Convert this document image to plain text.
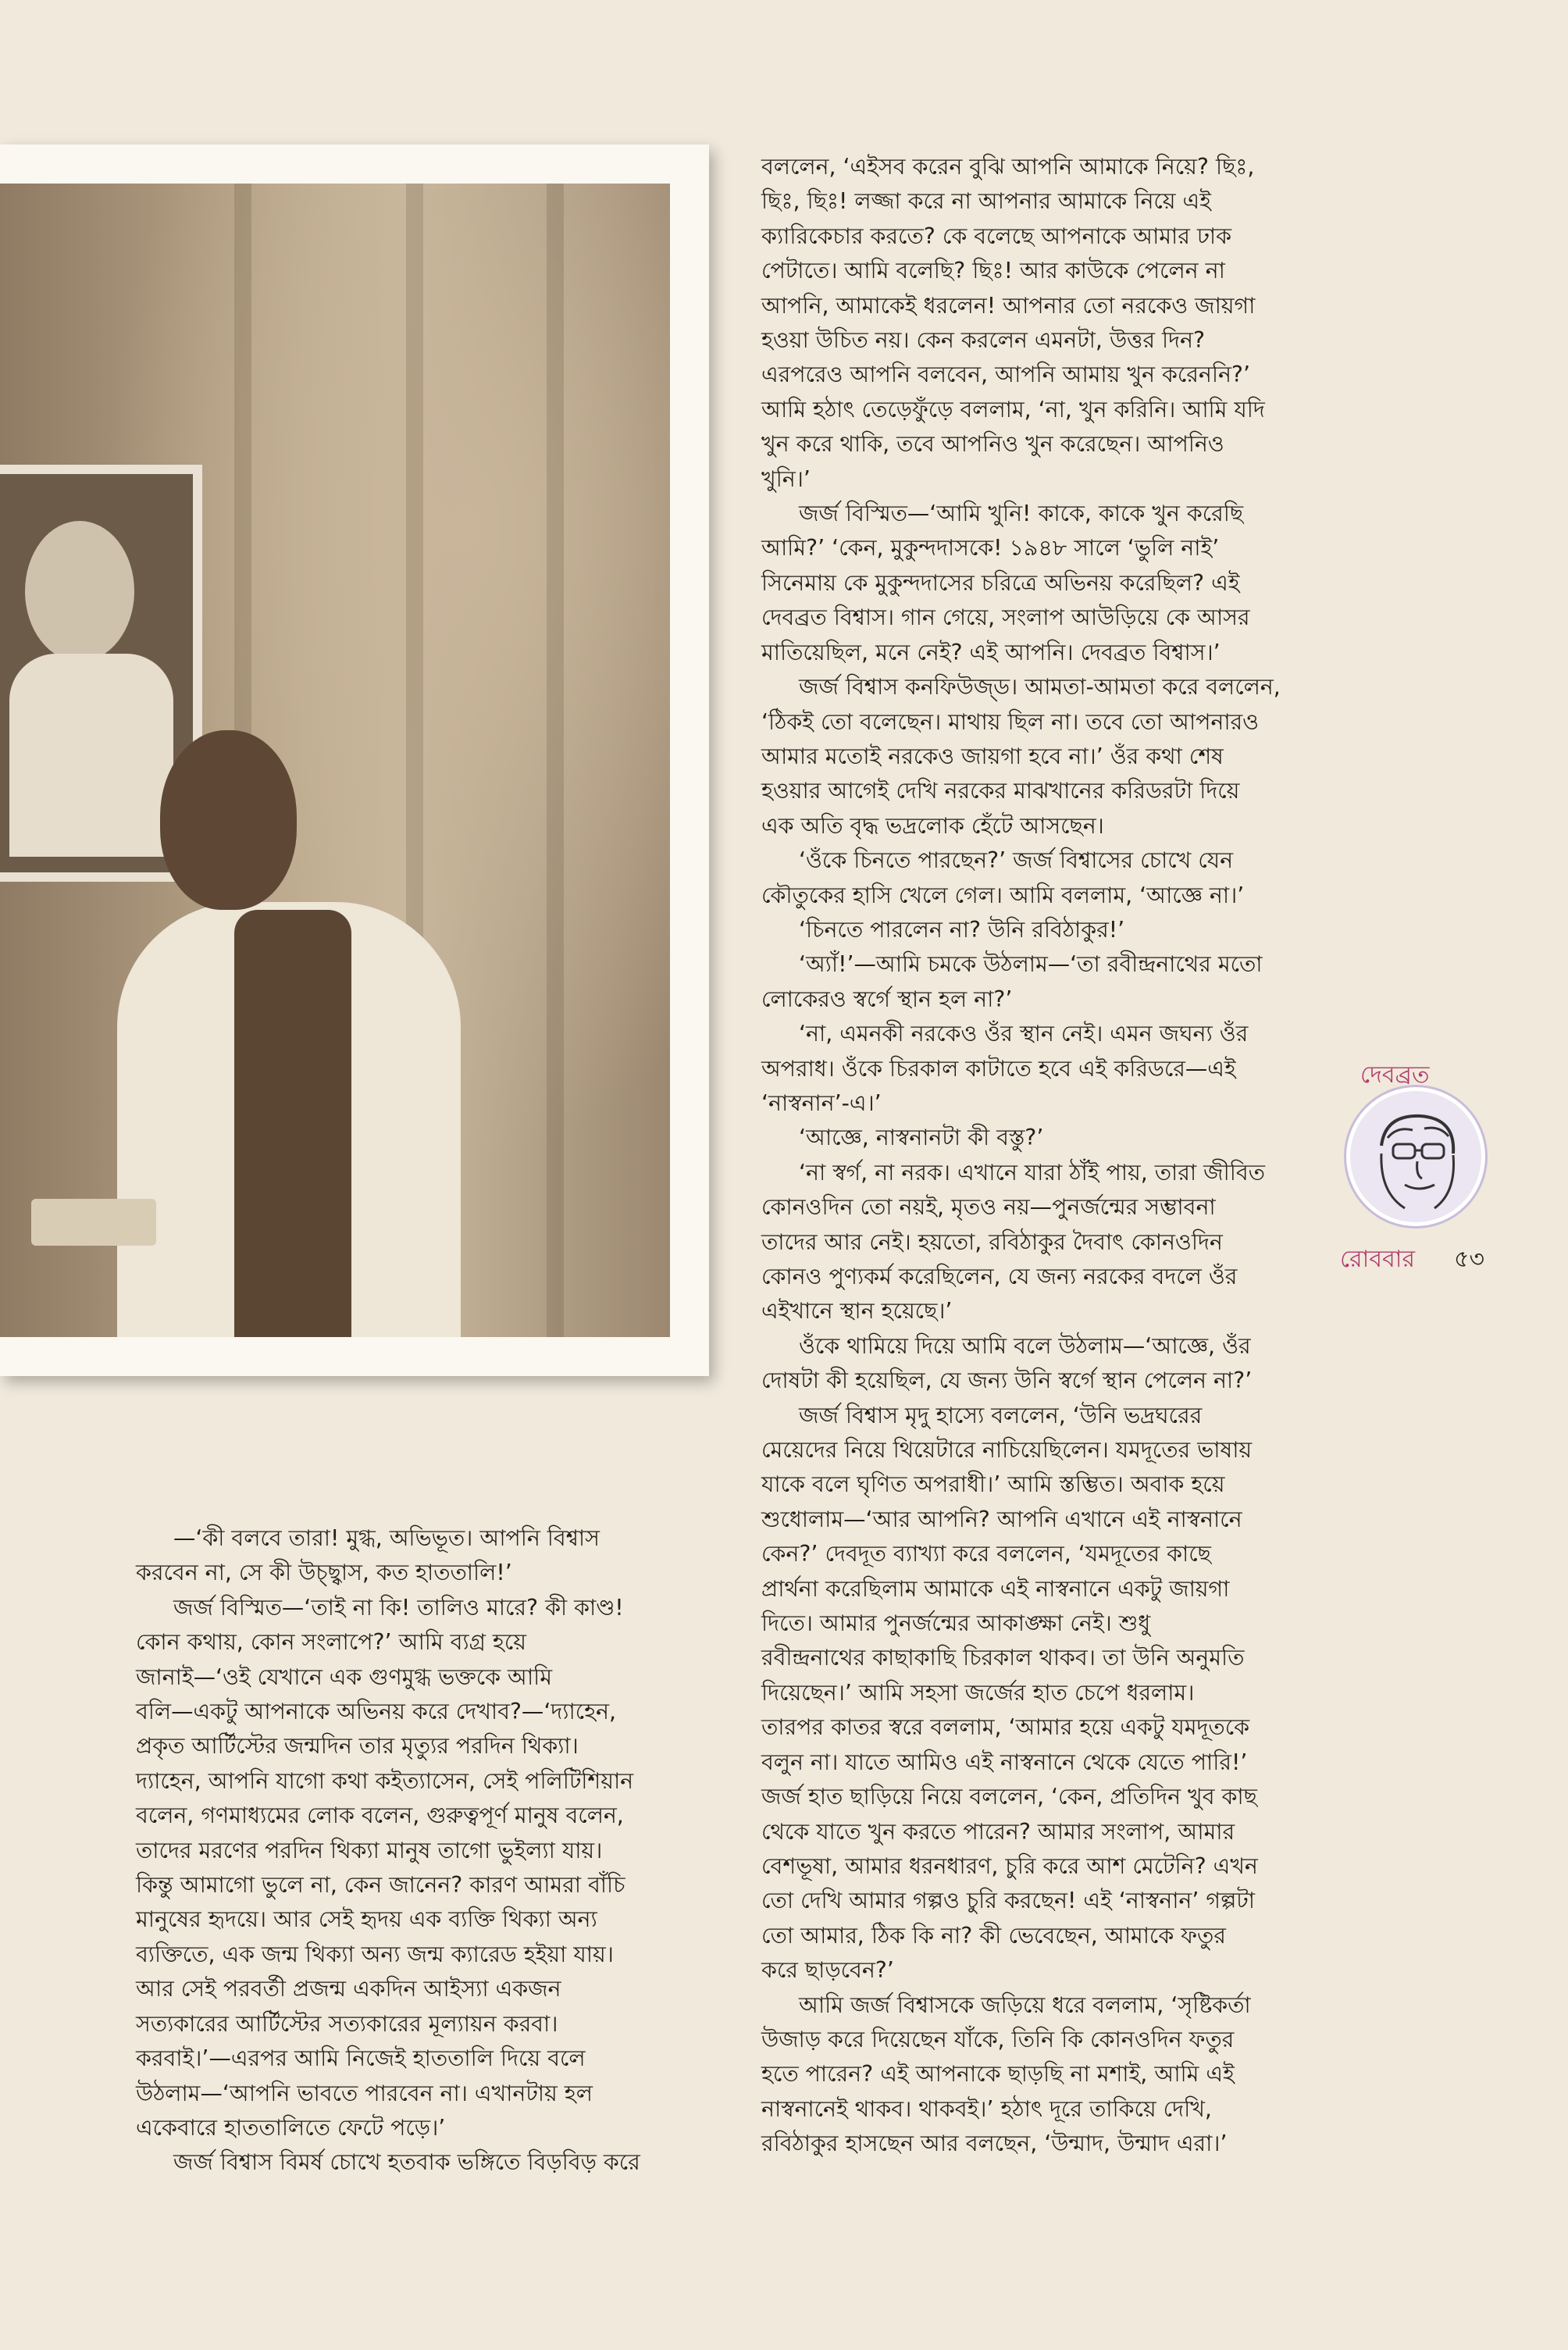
—‘কী বলবে তারা! মুগ্ধ, অভিভূত। আপনি বিশ্বাস

করবেন না, সে কী উচ্ছ্বাস, কত হাততালি!’

জর্জ বিস্মিত—‘তাই না কি! তালিও মারে? কী কাণ্ড!

কোন কথায়, কোন সংলাপে?’ আমি ব্যগ্র হয়ে

জানাই—‘ওই যেখানে এক গুণমুগ্ধ ভক্তকে আমি

বলি—একটু আপনাকে অভিনয় করে দেখাব?—‘দ্যাহেন,

প্রকৃত আর্টিস্টের জন্মদিন তার মৃত্যুর পরদিন থিক্যা।

দ্যাহেন, আপনি যাগো কথা কইত্যাসেন, সেই পলিটিশিয়ান

বলেন, গণমাধ্যমের লোক বলেন, গুরুত্বপূর্ণ মানুষ বলেন,

তাদের মরণের পরদিন থিক্যা মানুষ তাগো ভুইল্যা যায়।

কিন্তু আমাগো ভুলে না, কেন জানেন? কারণ আমরা বাঁচি

মানুষের হৃদয়ে। আর সেই হৃদয় এক ব্যক্তি থিক্যা অন্য

ব্যক্তিতে, এক জন্ম থিক্যা অন্য জন্ম ক্যারেড হইয়া যায়।

আর সেই পরবর্তী প্রজন্ম একদিন আইস্যা একজন

সত্যকারের আর্টিস্টের সত্যকারের মূল্যায়ন করবা।

করবাই।’—এরপর আমি নিজেই হাততালি দিয়ে বলে

উঠলাম—‘আপনি ভাবতে পারবেন না। এখানটায় হল

একেবারে হাততালিতে ফেটে পড়ে।’

জর্জ বিশ্বাস বিমর্ষ চোখে হতবাক ভঙ্গিতে বিড়বিড় করে

বললেন, ‘এইসব করেন বুঝি আপনি আমাকে নিয়ে? ছিঃ,

ছিঃ, ছিঃ! লজ্জা করে না আপনার আমাকে নিয়ে এই

ক্যারিকেচার করতে? কে বলেছে আপনাকে আমার ঢাক

পেটাতে। আমি বলেছি? ছিঃ! আর কাউকে পেলেন না

আপনি, আমাকেই ধরলেন! আপনার তো নরকেও জায়গা

হওয়া উচিত নয়। কেন করলেন এমনটা, উত্তর দিন?

এরপরেও আপনি বলবেন, আপনি আমায় খুন করেননি?’

আমি হঠাৎ তেড়েফুঁড়ে বললাম, ‘না, খুন করিনি। আমি যদি

খুন করে থাকি, তবে আপনিও খুন করেছেন। আপনিও

খুনি।’

জর্জ বিস্মিত—‘আমি খুনি! কাকে, কাকে খুন করেছি

আমি?’ ‘কেন, মুকুন্দদাসকে! ১৯৪৮ সালে ‘ভুলি নাই’

সিনেমায় কে মুকুন্দদাসের চরিত্রে অভিনয় করেছিল? এই

দেবব্রত বিশ্বাস। গান গেয়ে, সংলাপ আউড়িয়ে কে আসর

মাতিয়েছিল, মনে নেই? এই আপনি। দেবব্রত বিশ্বাস।’

জর্জ বিশ্বাস কনফিউজ্‌ড। আমতা-আমতা করে বললেন,

‘ঠিকই তো বলেছেন। মাথায় ছিল না। তবে তো আপনারও

আমার মতোই নরকেও জায়গা হবে না।’ ওঁর কথা শেষ

হওয়ার আগেই দেখি নরকের মাঝখানের করিডরটা দিয়ে

এক অতি বৃদ্ধ ভদ্রলোক হেঁটে আসছেন।

‘ওঁকে চিনতে পারছেন?’ জর্জ বিশ্বাসের চোখে যেন

কৌতুকের হাসি খেলে গেল। আমি বললাম, ‘আজ্ঞে না।’

‘চিনতে পারলেন না? উনি রবিঠাকুর!’

‘অ্যাঁ!’—আমি চমকে উঠলাম—‘তা রবীন্দ্রনাথের মতো

লোকেরও স্বর্গে স্থান হল না?’

‘না, এমনকী নরকেও ওঁর স্থান নেই। এমন জঘন্য ওঁর

অপরাধ। ওঁকে চিরকাল কাটাতে হবে এই করিডরে—এই

‘নাস্বনান’-এ।’

‘আজ্ঞে, নাস্বনানটা কী বস্তু?’

‘না স্বর্গ, না নরক। এখানে যারা ঠাঁই পায়, তারা জীবিত

কোনওদিন তো নয়ই, মৃতও নয়—পুনর্জন্মের সম্ভাবনা

তাদের আর নেই। হয়তো, রবিঠাকুর দৈবাৎ কোনওদিন

কোনও পুণ্যকর্ম করেছিলেন, যে জন্য নরকের বদলে ওঁর

এইখানে স্থান হয়েছে।’

ওঁকে থামিয়ে দিয়ে আমি বলে উঠলাম—‘আজ্ঞে, ওঁর

দোষটা কী হয়েছিল, যে জন্য উনি স্বর্গে স্থান পেলেন না?’

জর্জ বিশ্বাস মৃদু হাস্যে বললেন, ‘উনি ভদ্রঘরের

মেয়েদের নিয়ে থিয়েটারে নাচিয়েছিলেন। যমদূতের ভাষায়

যাকে বলে ঘৃণিত অপরাধী।’ আমি স্তম্ভিত। অবাক হয়ে

শুধোলাম—‘আর আপনি? আপনি এখানে এই নাস্বনানে

কেন?’ দেবদূত ব্যাখ্যা করে বললেন, ‘যমদূতের কাছে

প্রার্থনা করেছিলাম আমাকে এই নাস্বনানে একটু জায়গা

দিতে। আমার পুনর্জন্মের আকাঙ্ক্ষা নেই। শুধু

রবীন্দ্রনাথের কাছাকাছি চিরকাল থাকব। তা উনি অনুমতি

দিয়েছেন।’ আমি সহসা জর্জের হাত চেপে ধরলাম।

তারপর কাতর স্বরে বললাম, ‘আমার হয়ে একটু যমদূতকে

বলুন না। যাতে আমিও এই নাস্বনানে থেকে যেতে পারি!’

জর্জ হাত ছাড়িয়ে নিয়ে বললেন, ‘কেন, প্রতিদিন খুব কাছ

থেকে যাতে খুন করতে পারেন? আমার সংলাপ, আমার

বেশভূষা, আমার ধরনধারণ, চুরি করে আশ মেটেনি? এখন

তো দেখি আমার গল্পও চুরি করছেন! এই ‘নাস্বনান’ গল্পটা

তো আমার, ঠিক কি না? কী ভেবেছেন, আমাকে ফতুর

করে ছাড়বেন?’

আমি জর্জ বিশ্বাসকে জড়িয়ে ধরে বললাম, ‘সৃষ্টিকর্তা

উজাড় করে দিয়েছেন যাঁকে, তিনি কি কোনওদিন ফতুর

হতে পারেন? এই আপনাকে ছাড়ছি না মশাই, আমি এই

নাস্বনানেই থাকব। থাকবই।’ হঠাৎ দূরে তাকিয়ে দেখি,

রবিঠাকুর হাসছেন আর বলছেন, ‘উন্মাদ, উন্মাদ এরা।’

দেবব্রত
রোববার ৫৩
